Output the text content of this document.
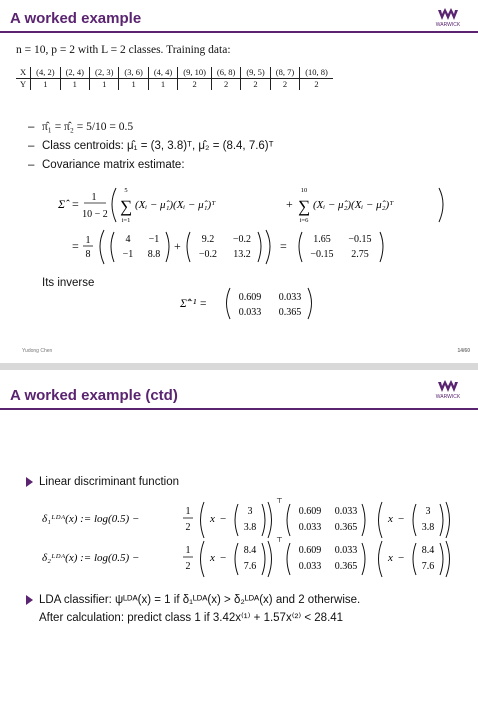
A worked example	WARWICK
n = 10, p = 2 with L = 2 classes. Training data:
X	(4, 2)	(2, 4)	(2, 3)	(3, 6)	(4, 4)	(9, 10)	(6, 8)	(9, 5)	(8, 7)	(10, 8)
Y	1	1	1	1	1	2	2	2	2	2
– π̂₁ = π̂₂ = 5/10 = 0.5
– Class centroids: μ̂₁ = (3, 3.8)ᵀ, μ̂₂ = (8.4, 7.6)ᵀ
– Covariance matrix estimate:
Σ̂ = 1
10 − 2
5
∑
i=1
(Xᵢ − μ̂₁)(Xᵢ − μ̂₁)ᵀ	+
10
∑
i=6
(Xᵢ − μ̂₂)(Xᵢ − μ̂₂)ᵀ
= 1
8
4 −1
−1 8.8
+ 9.2 −0.2
−0.2 13.2
=	1.65 −0.15
−0.15 2.75
Its inverse
Σ̂⁻¹ =
0.609 0.033
0.033 0.365
Yudong Chen	14/60
A worked example (ctd)	WARWICK
Linear discriminant function
δ₁ᴸᴰᴬ(x) := log(0.5) −
1
2
x −
3
3.8
⊤
0.609 0.033
0.033 0.365
x −
3
3.8
δ₂ᴸᴰᴬ(x) := log(0.5) −
1
2
x −
8.4
7.6
⊤
0.609 0.033
0.033 0.365
x −
8.4
7.6
LDA classifier: ψᴸᴰᴬ(x) = 1 if δ₁ᴸᴰᴬ(x) > δ₂ᴸᴰᴬ(x) and 2 otherwise.
After calculation: predict class 1 if 3.42x⁽¹⁾ + 1.57x⁽²⁾ < 28.41
